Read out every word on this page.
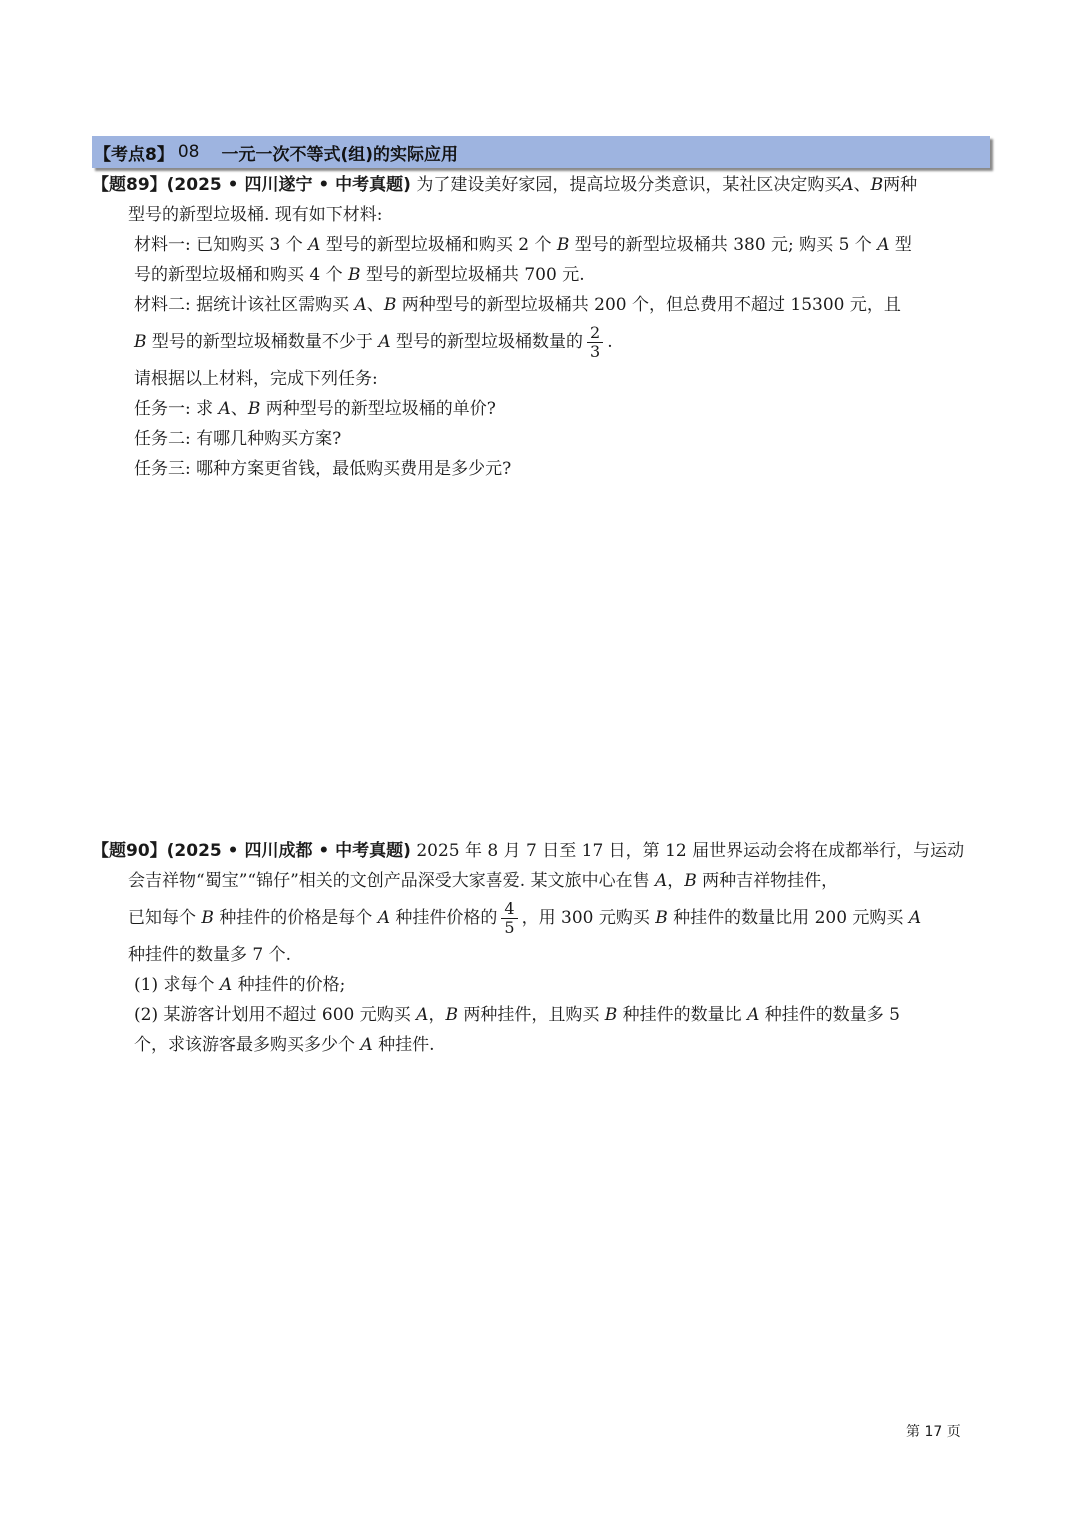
【考点8】 08 一元一次不等式(组)的实际应用
【题89】(2025 • 四川遂宁 • 中考真题) 为了建设美好家园，提高垃圾分类意识，某社区决定购买A、B两种
型号的新型垃圾桶. 现有如下材料:
材料一: 已知购买 3 个 A 型号的新型垃圾桶和购买 2 个 B 型号的新型垃圾桶共 380 元; 购买 5 个 A 型
号的新型垃圾桶和购买 4 个 B 型号的新型垃圾桶共 700 元.
材料二: 据统计该社区需购买 A、B 两种型号的新型垃圾桶共 200 个，但总费用不超过 15300 元，且
B 型号的新型垃圾桶数量不少于 A 型号的新型垃圾桶数量的 $\frac{2}{3}$ .
请根据以上材料，完成下列任务:
任务一: 求 A、B 两种型号的新型垃圾桶的单价?
任务二: 有哪几种购买方案?
任务三: 哪种方案更省钱，最低购买费用是多少元?
【题90】(2025 • 四川成都 • 中考真题) 2025 年 8 月 7 日至 17 日，第 12 届世界运动会将在成都举行，与运动
会吉祥物“蜀宝”“锦仔”相关的文创产品深受大家喜爱. 某文旅中心在售 A，B 两种吉祥物挂件，
已知每个 B 种挂件的价格是每个 A 种挂件价格的 $\frac{4}{5}$ ，用 300 元购买 B 种挂件的数量比用 200 元购买 A
种挂件的数量多 7 个.
(1) 求每个 A 种挂件的价格;
(2) 某游客计划用不超过 600 元购买 A，B 两种挂件，且购买 B 种挂件的数量比 A 种挂件的数量多 5
个，求该游客最多购买多少个 A 种挂件.
第 17 页
